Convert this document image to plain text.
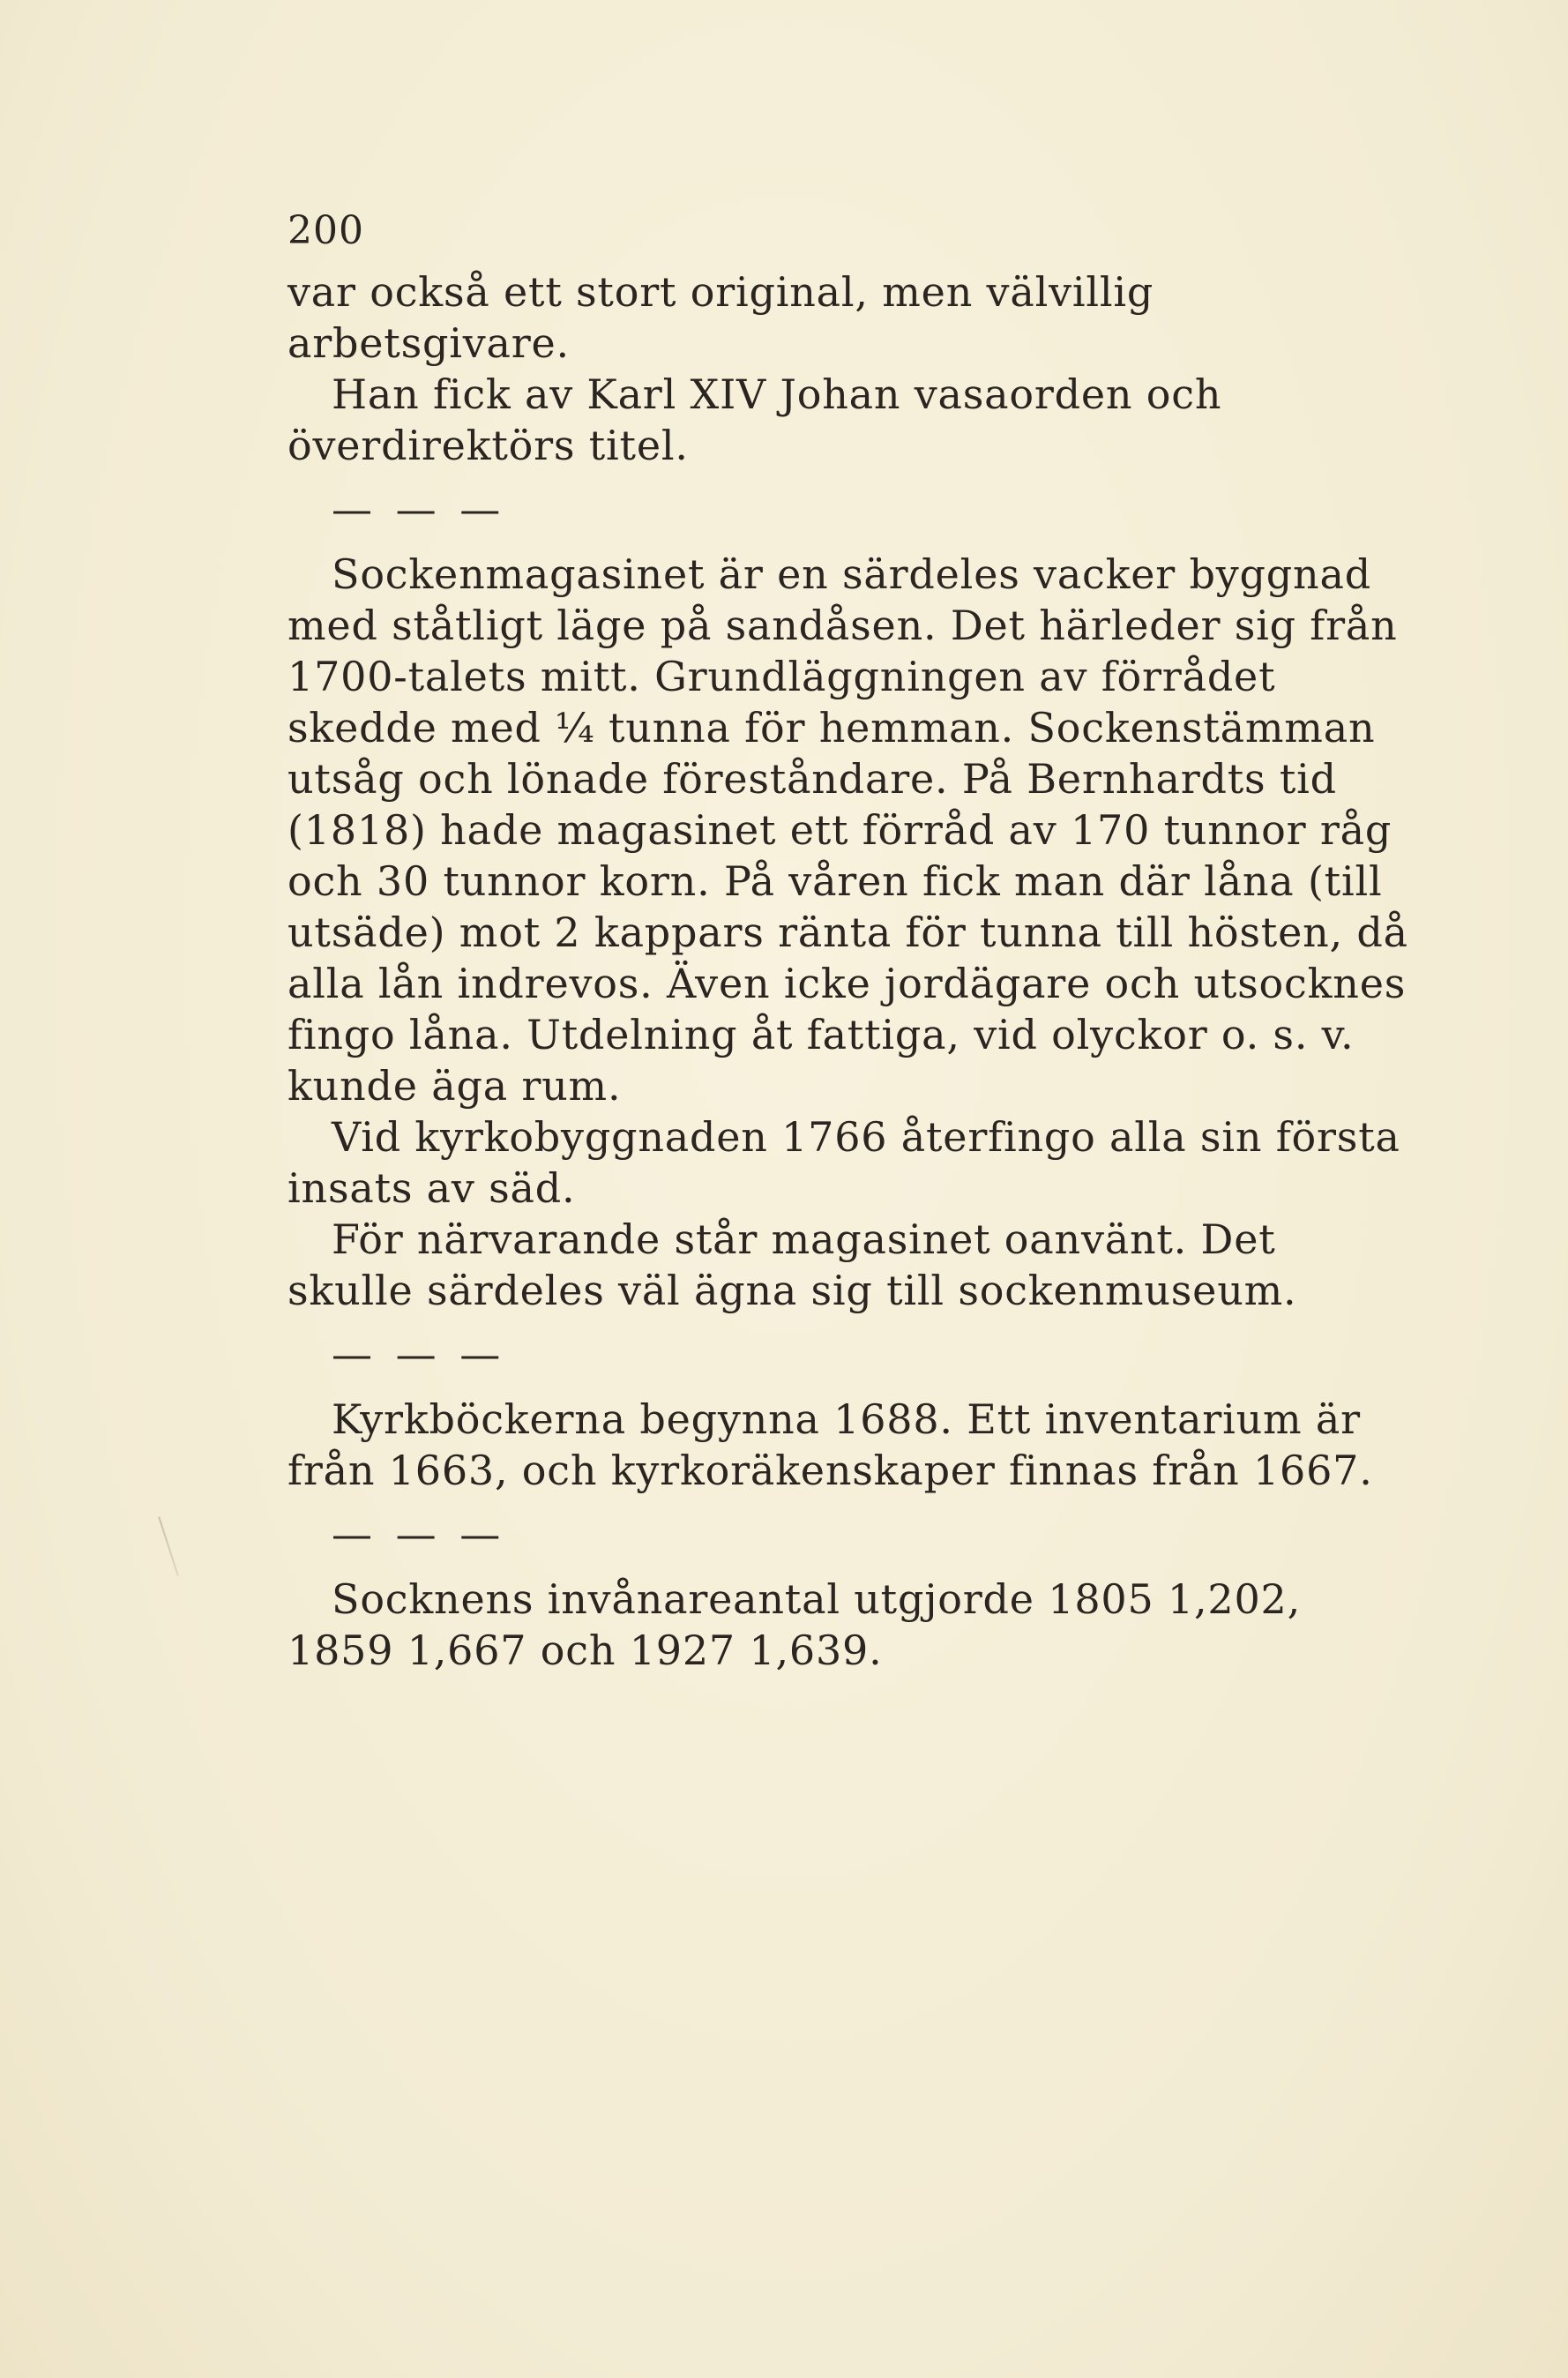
200

var också ett stort original, men välvillig arbetsgivare.

Han fick av Karl XIV Johan vasaorden och överdirektörs titel.

— — —

Sockenmagasinet är en särdeles vacker byggnad med ståtligt läge på sandåsen. Det härleder sig från 1700-talets mitt. Grundläggningen av förrådet skedde med ¼ tunna för hemman. Sockenstämman utsåg och lönade föreståndare. På Bernhardts tid (1818) hade magasinet ett förråd av 170 tunnor råg och 30 tunnor korn. På våren fick man där låna (till utsäde) mot 2 kappars ränta för tunna till hösten, då alla lån indrevos. Även icke jordägare och utsocknes fingo låna. Utdelning åt fattiga, vid olyckor o. s. v. kunde äga rum.

Vid kyrkobyggnaden 1766 återfingo alla sin första insats av säd.

För närvarande står magasinet oanvänt. Det skulle särdeles väl ägna sig till sockenmuseum.

— — —

Kyrkböckerna begynna 1688. Ett inventarium är från 1663, och kyrkoräkenskaper finnas från 1667.

— — —

Socknens invånareantal utgjorde 1805 1,202, 1859 1,667 och 1927 1,639.
